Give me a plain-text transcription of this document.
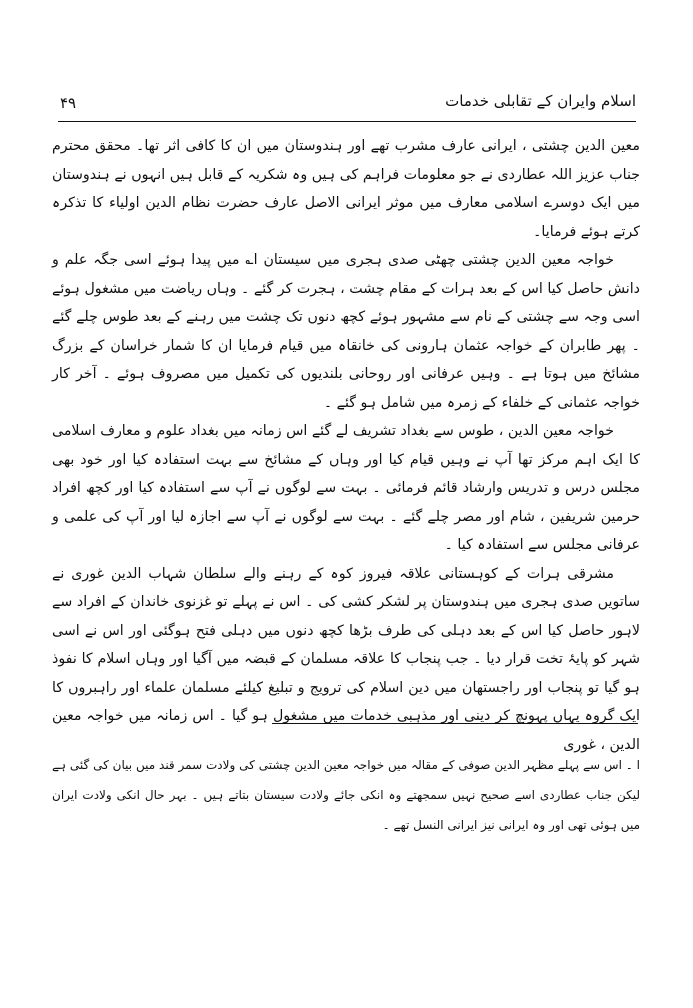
۴۹	اسلام وایران کے تقابلی خدمات

معین الدین چشتی ، ایرانی عارف مشرب تھے اور ہندوستان میں ان کا کافی اثر تھا۔ محقق محترم جناب عزیز اللہ عطاردی نے جو معلومات فراہم کی ہیں وہ شکریہ کے قابل ہیں انہوں نے ہندوستان میں ایک دوسرے اسلامی معارف میں موثر ایرانی الاصل عارف حضرت نظام الدین اولیاء کا تذکرہ کرتے ہوئے فرمایا۔

خواجہ معین الدین چشتی چھٹی صدی ہجری میں سیستان ا؎ میں پیدا ہوئے اسی جگہ علم و دانش حاصل کیا اس کے بعد ہرات کے مقام چشت ، ہجرت کر گئے ۔ وہاں ریاضت میں مشغول ہوئے اسی وجہ سے چشتی کے نام سے مشہور ہوئے کچھ دنوں تک چشت میں رہنے کے بعد طوس چلے گئے ۔ پھر طابران کے خواجہ عثمان ہارونی کی خانقاہ میں قیام فرمایا ان کا شمار خراسان کے بزرگ مشائخ میں ہوتا ہے ۔ وہیں عرفانی اور روحانی بلندیوں کی تکمیل میں مصروف ہوئے ۔ آخر کار خواجہ عثمانی کے خلفاء کے زمرہ میں شامل ہو گئے ۔

خواجہ معین الدین ، طوس سے بغداد تشریف لے گئے اس زمانہ میں بغداد علوم و معارف اسلامی کا ایک اہم مرکز تھا آپ نے وہیں قیام کیا اور وہاں کے مشائخ سے بہت استفادہ کیا اور خود بھی مجلس درس و تدریس وارشاد قائم فرمائی ۔ بہت سے لوگوں نے آپ سے استفادہ کیا اور کچھ افراد حرمین شریفین ، شام اور مصر چلے گئے ۔ بہت سے لوگوں نے آپ سے اجازہ لیا اور آپ کی علمی و عرفانی مجلس سے استفادہ کیا ۔

مشرقی ہرات کے کوہستانی علاقہ فیروز کوہ کے رہنے والے سلطان شہاب الدین غوری نے ساتویں صدی ہجری میں ہندوستان پر لشکر کشی کی ۔ اس نے پہلے تو غزنوی خاندان کے افراد سے لاہور حاصل کیا اس کے بعد دہلی کی طرف بڑھا کچھ دنوں میں دہلی فتح ہوگئی اور اس نے اسی شہر کو پایۂ تخت قرار دیا ۔ جب پنجاب کا علاقہ مسلمان کے قبضہ میں آگیا اور وہاں اسلام کا نفوذ ہو گیا تو پنجاب اور راجستھان میں دین اسلام کی ترویج و تبلیغ کیلئے مسلمان علماء اور راہبروں کا ایک گروہ یہاں پہونچ کر دینی اور مذہبی خدمات میں مشغول ہو گیا ۔ اس زمانہ میں خواجہ معین الدین ، غوری

ا ۔ اس سے پہلے مظہر الدین صوفی کے مقالہ میں خواجہ معین الدین چشتی کی ولادت سمر قند میں بیان کی گئی ہے لیکن جناب عطاردی اسے صحیح نہیں سمجھتے وہ انکی جائے ولادت سیستان بتاتے ہیں ۔ بہر حال انکی ولادت ایران میں ہوئی تھی اور وہ ایرانی نیز ایرانی النسل تھے ۔
